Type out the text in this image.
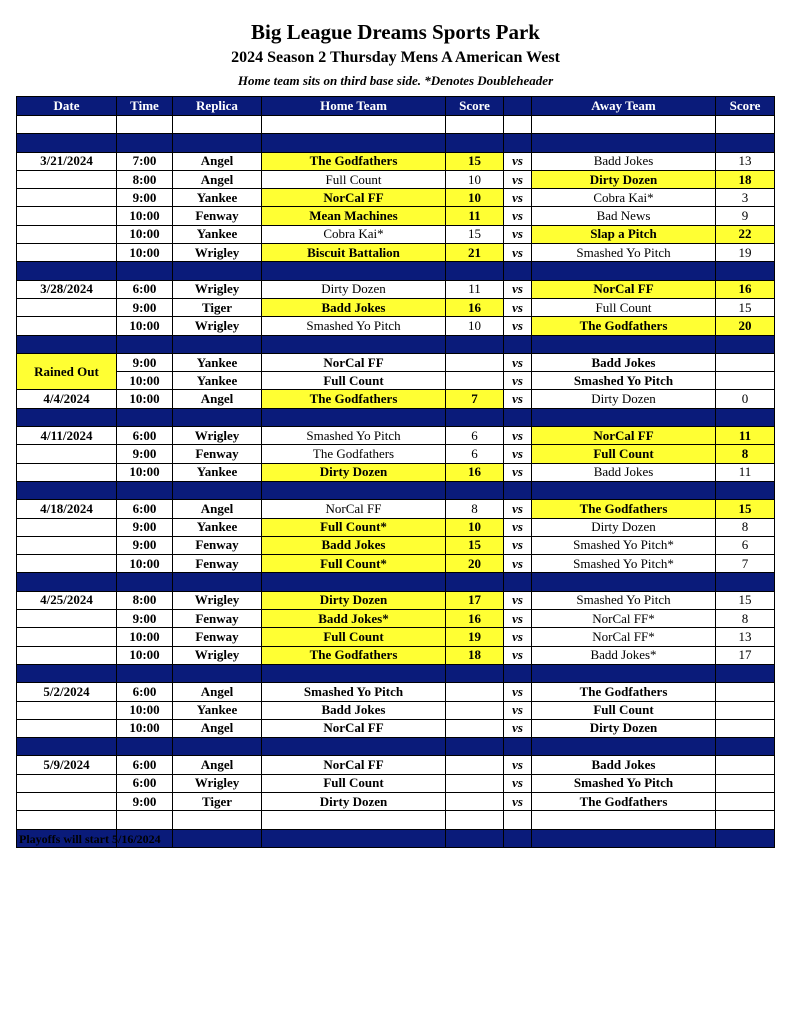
Big League Dreams Sports Park
2024 Season 2 Thursday Mens A American West
Home team sits on third base side. *Denotes Doubleheader
Date	Time	Replica	Home Team	Score		Away Team	Score

3/21/2024	7:00	Angel	The Godfathers	15	vs	Badd Jokes	13
	8:00	Angel	Full Count	10	vs	Dirty Dozen	18
	9:00	Yankee	NorCal FF	10	vs	Cobra Kai*	3
	10:00	Fenway	Mean Machines	11	vs	Bad News	9
	10:00	Yankee	Cobra Kai*	15	vs	Slap a Pitch	22
	10:00	Wrigley	Biscuit Battalion	21	vs	Smashed Yo Pitch	19

3/28/2024	6:00	Wrigley	Dirty Dozen	11	vs	NorCal FF	16
	9:00	Tiger	Badd Jokes	16	vs	Full Count	15
	10:00	Wrigley	Smashed Yo Pitch	10	vs	The Godfathers	20

Rained Out	9:00	Yankee	NorCal FF		vs	Badd Jokes	
	10:00	Yankee	Full Count		vs	Smashed Yo Pitch	
4/4/2024	10:00	Angel	The Godfathers	7	vs	Dirty Dozen	0

4/11/2024	6:00	Wrigley	Smashed Yo Pitch	6	vs	NorCal FF	11
	9:00	Fenway	The Godfathers	6	vs	Full Count	8
	10:00	Yankee	Dirty Dozen	16	vs	Badd Jokes	11

4/18/2024	6:00	Angel	NorCal FF	8	vs	The Godfathers	15
	9:00	Yankee	Full Count*	10	vs	Dirty Dozen	8
	9:00	Fenway	Badd Jokes	15	vs	Smashed Yo Pitch*	6
	10:00	Fenway	Full Count*	20	vs	Smashed Yo Pitch*	7

4/25/2024	8:00	Wrigley	Dirty Dozen	17	vs	Smashed Yo Pitch	15
	9:00	Fenway	Badd Jokes*	16	vs	NorCal FF*	8
	10:00	Fenway	Full Count	19	vs	NorCal FF*	13
	10:00	Wrigley	The Godfathers	18	vs	Badd Jokes*	17

5/2/2024	6:00	Angel	Smashed Yo Pitch		vs	The Godfathers	
	10:00	Yankee	Badd Jokes		vs	Full Count	
	10:00	Angel	NorCal FF		vs	Dirty Dozen	

5/9/2024	6:00	Angel	NorCal FF		vs	Badd Jokes	
	6:00	Wrigley	Full Count		vs	Smashed Yo Pitch	
	9:00	Tiger	Dirty Dozen		vs	The Godfathers	

Playoffs will start 5/16/2024
